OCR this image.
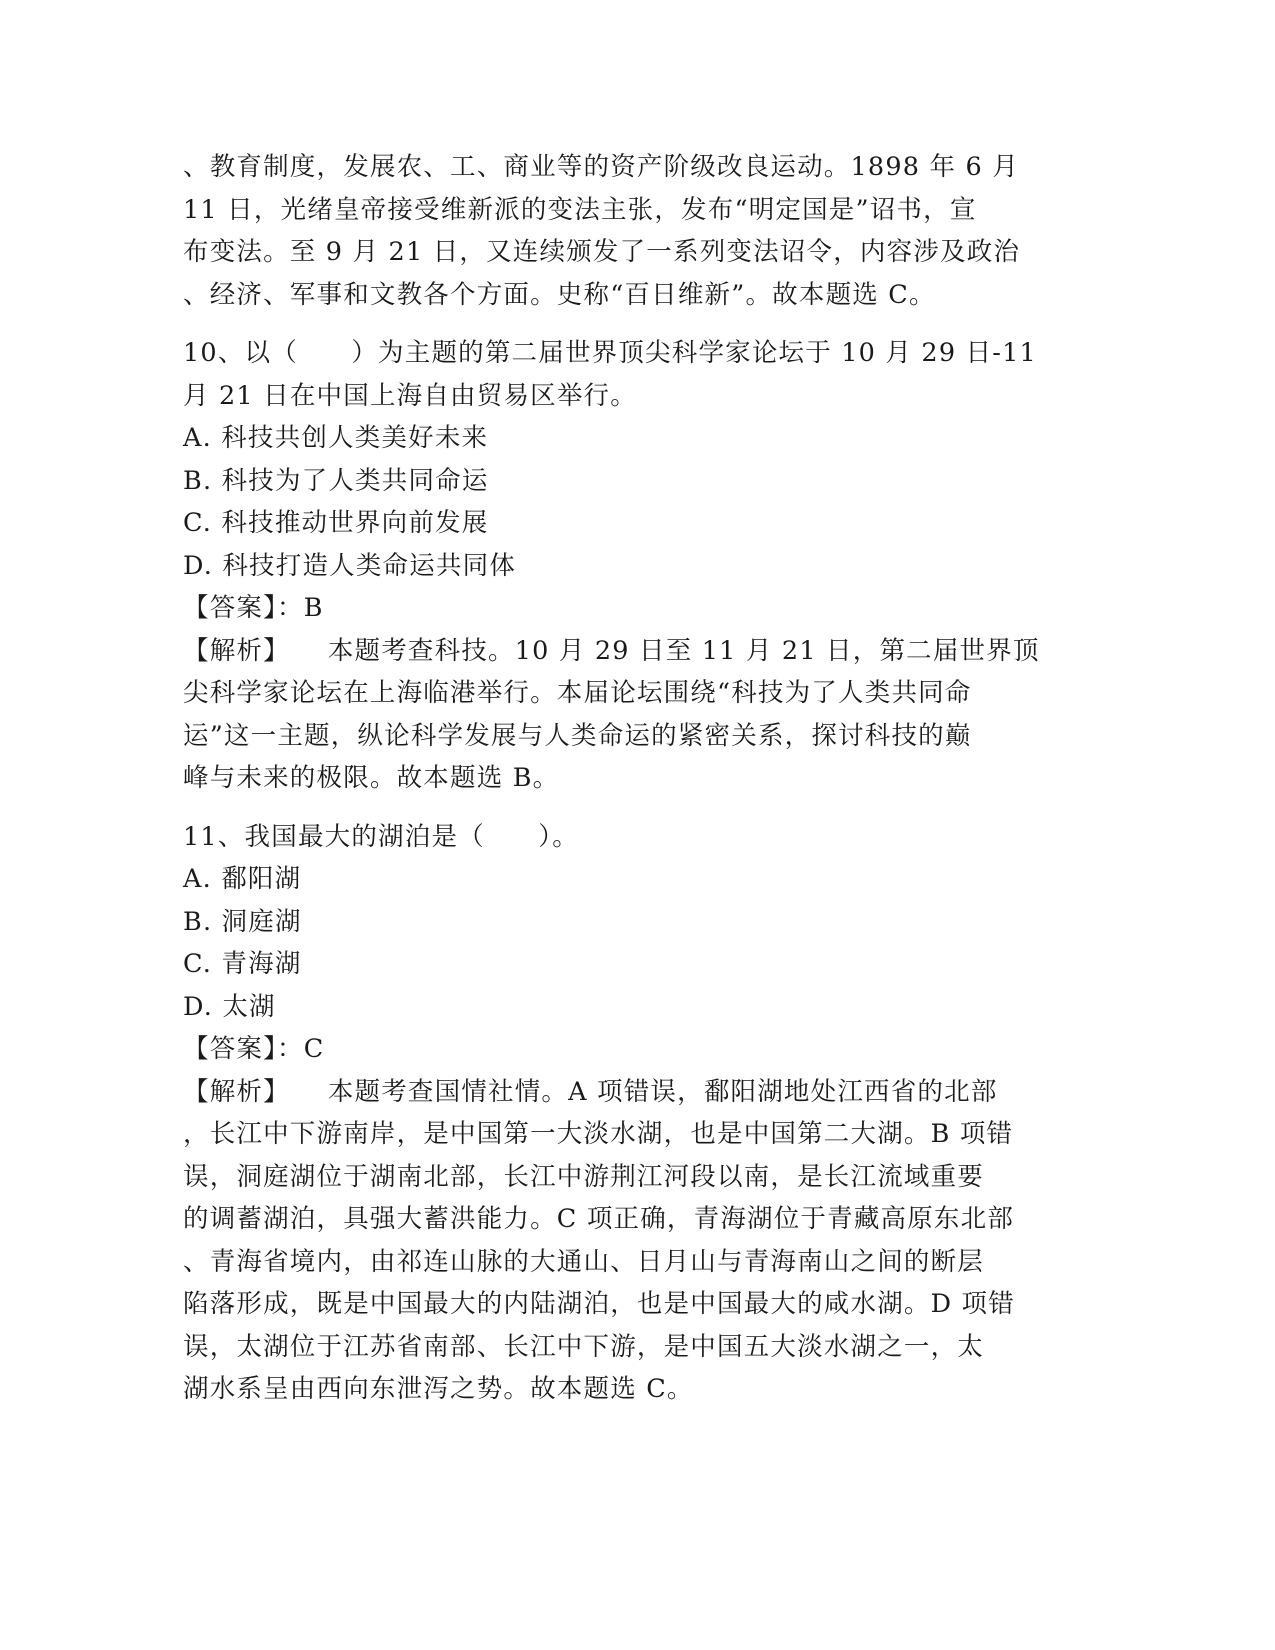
、教育制度，发展农、工、商业等的资产阶级改良运动。1898 年 6 月
11 日，光绪皇帝接受维新派的变法主张，发布“明定国是”诏书，宣
布变法。至 9 月 21 日，又连续颁发了一系列变法诏令，内容涉及政治
、经济、军事和文教各个方面。史称“百日维新”。故本题选 C。
10、以（　　）为主题的第二届世界顶尖科学家论坛于 10 月 29 日-11
月 21 日在中国上海自由贸易区举行。
A. 科技共创人类美好未来
B. 科技为了人类共同命运
C. 科技推动世界向前发展
D. 科技打造人类命运共同体
【答案】：B
【解析】 本题考查科技。10 月 29 日至 11 月 21 日，第二届世界顶
尖科学家论坛在上海临港举行。本届论坛围绕“科技为了人类共同命
运”这一主题，纵论科学发展与人类命运的紧密关系，探讨科技的巅
峰与未来的极限。故本题选 B。
11、我国最大的湖泊是（　　）。
A. 鄱阳湖
B. 洞庭湖
C. 青海湖
D. 太湖
【答案】：C
【解析】 本题考查国情社情。A 项错误，鄱阳湖地处江西省的北部
，长江中下游南岸，是中国第一大淡水湖，也是中国第二大湖。B 项错
误，洞庭湖位于湖南北部，长江中游荆江河段以南，是长江流域重要
的调蓄湖泊，具强大蓄洪能力。C 项正确，青海湖位于青藏高原东北部
、青海省境内，由祁连山脉的大通山、日月山与青海南山之间的断层
陷落形成，既是中国最大的内陆湖泊，也是中国最大的咸水湖。D 项错
误，太湖位于江苏省南部、长江中下游，是中国五大淡水湖之一，太
湖水系呈由西向东泄泻之势。故本题选 C。
